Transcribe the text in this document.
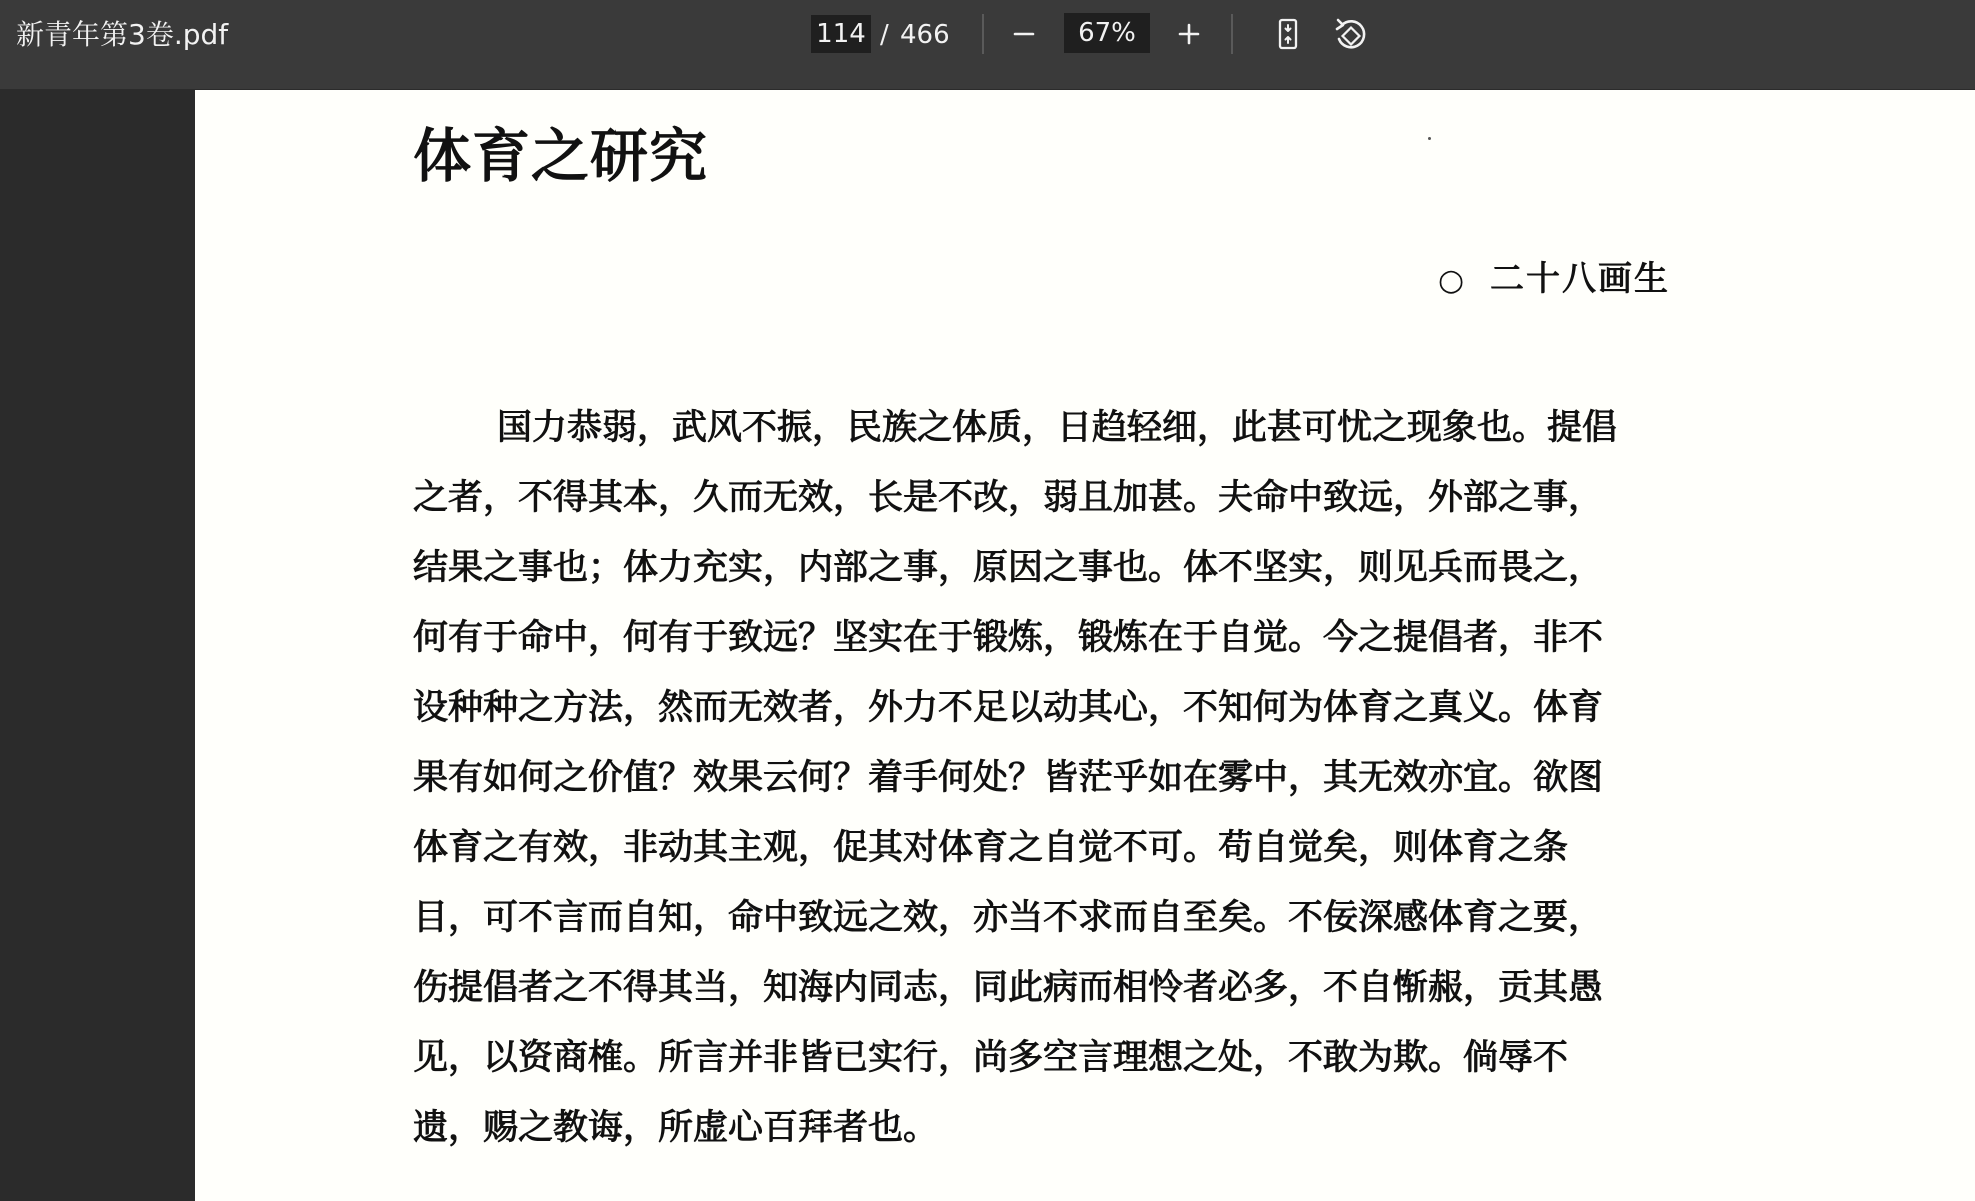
新青年第3卷.pdf
114	/ 466
67%
体育之研究
○ 二十八画生
国力恭弱，武风不振，民族之体质，日趋轻细，此甚可忧之现象也。提倡
之者，不得其本，久而无效，长是不改，弱且加甚。夫命中致远，外部之事，
结果之事也；体力充实，内部之事，原因之事也。体不坚实，则见兵而畏之，
何有于命中，何有于致远？坚实在于锻炼，锻炼在于自觉。今之提倡者，非不
设种种之方法，然而无效者，外力不足以动其心，不知何为体育之真义。体育
果有如何之价值？效果云何？着手何处？皆茫乎如在雾中，其无效亦宜。欲图
体育之有效，非动其主观，促其对体育之自觉不可。苟自觉矣，则体育之条
目，可不言而自知，命中致远之效，亦当不求而自至矣。不佞深感体育之要，
伤提倡者之不得其当，知海内同志，同此病而相怜者必多，不自惭赧，贡其愚
见，以资商榷。所言并非皆已实行，尚多空言理想之处，不敢为欺。倘辱不
遗，赐之教诲，所虚心百拜者也。
